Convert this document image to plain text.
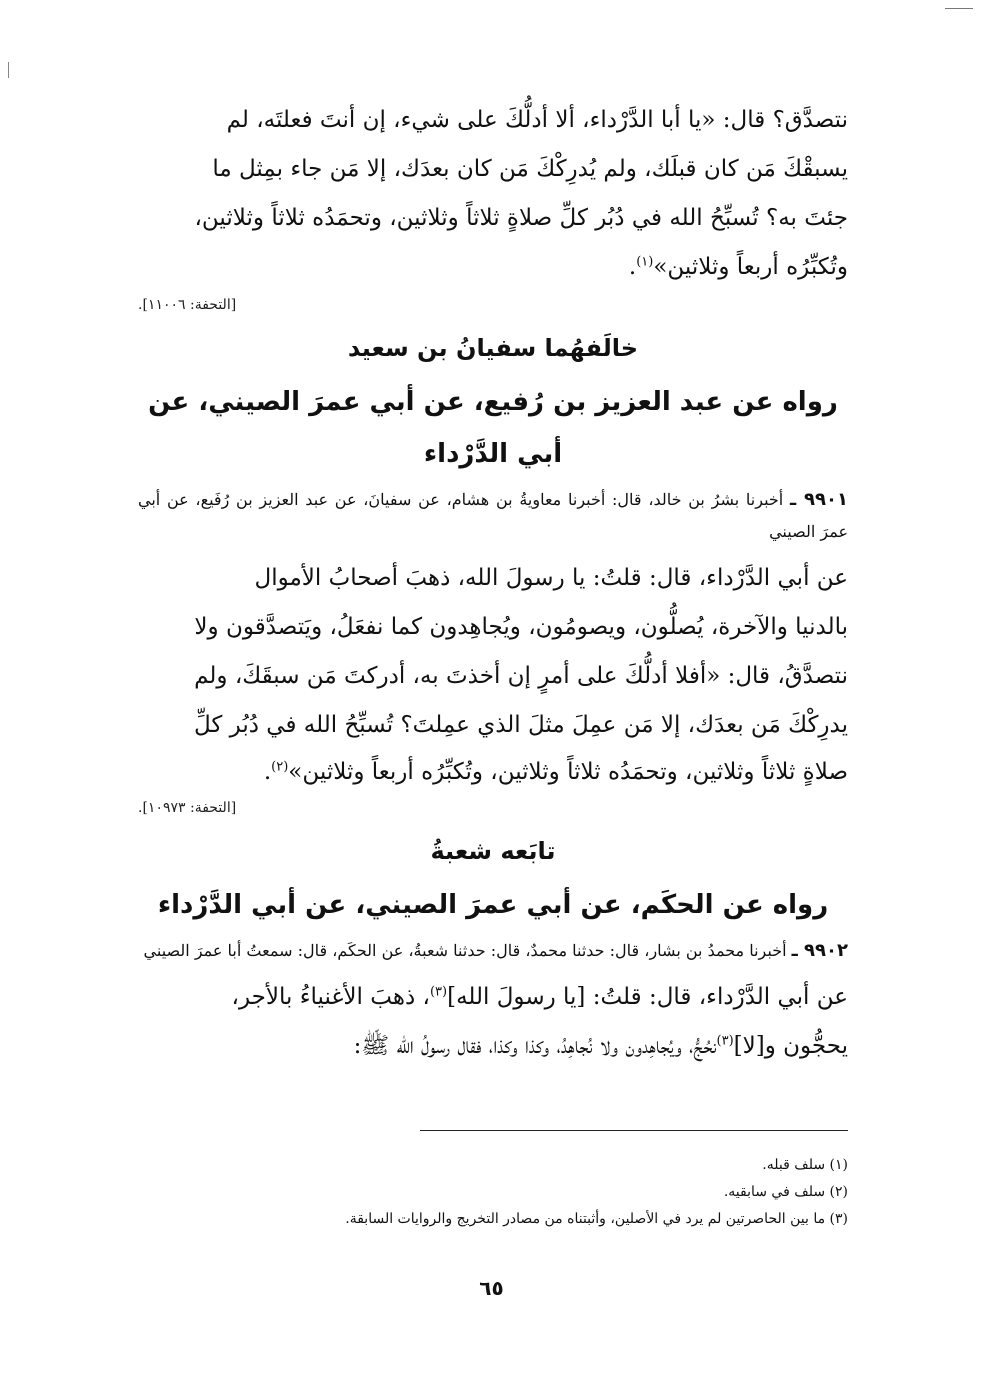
نتصدَّق؟ قال: «يا أبا الدَّرْداء، ألا أدلُّكَ على شيء، إن أنتَ فعلتَه، لم

يسبقْكَ مَن كان قبلَك، ولم يُدرِكْكَ مَن كان بعدَك، إلا مَن جاء بمِثل ما

جئتَ به؟ تُسبِّحُ الله في دُبُر كلِّ صلاةٍ ثلاثاً وثلاثين، وتحمَدُه ثلاثاً وثلاثين،

وتُكبِّرُه أربعاً وثلاثين»$^{(١)}$.

[التحفة: ١١٠٠٦].
خالَفهُما سفيانُ بن سعيد
رواه عن عبد العزيز بن رُفيع، عن أبي عمرَ الصيني، عن أبي الدَّرْداء

٩٩٠١ ـ أخبرنا بشرُ بن خالد، قال: أخبرنا معاويةُ بن هشام، عن سفيانَ، عن عبد العزيز بن رُفَيع، عن أبي عمرَ الصيني

عن أبي الدَّرْداء، قال: قلتُ: يا رسولَ الله، ذهبَ أصحابُ الأموال

بالدنيا والآخرة، يُصلُّون، ويصومُون، ويُجاهِدون كما نفعَلُ، ويَتصدَّقون ولا

نتصدَّقُ، قال: «أفلا أدلُّكَ على أمرٍ إن أخذتَ به، أدركتَ مَن سبقَكَ، ولم

يدرِكْكَ مَن بعدَك، إلا مَن عمِلَ مثلَ الذي عمِلتَ؟ تُسبِّحُ الله في دُبُر كلِّ

صلاةٍ ثلاثاً وثلاثين، وتحمَدُه ثلاثاً وثلاثين، وتُكبِّرُه أربعاً وثلاثين»$^{(٢)}$.

[التحفة: ١٠٩٧٣].
تابَعه شعبةُ
رواه عن الحكَم، عن أبي عمرَ الصيني، عن أبي الدَّرْداء

٩٩٠٢ ـ أخبرنا محمدُ بن بشار، قال: حدثنا محمدٌ، قال: حدثنا شعبةُ، عن الحكَم، قال: سمعتُ أبا عمرَ الصيني

عن أبي الدَّرْداء، قال: قلتُ: [يا رسولَ الله]$^{(٣)}$، ذهبَ الأغنياءُ بالأجر،

يحجُّون و[لا]$^{(٣)}$نحُجُّ، ويُجاهِدون ولا نُجاهِدُ، وكذا وكذا، فقال رسولُ الله ﷺ:

(١) سلف قبله.
(٢) سلف في سابقيه.
(٣) ما بين الحاصرتين لم يرد في الأصلين، وأثبتناه من مصادر التخريج والروايات السابقة.
٦٥
